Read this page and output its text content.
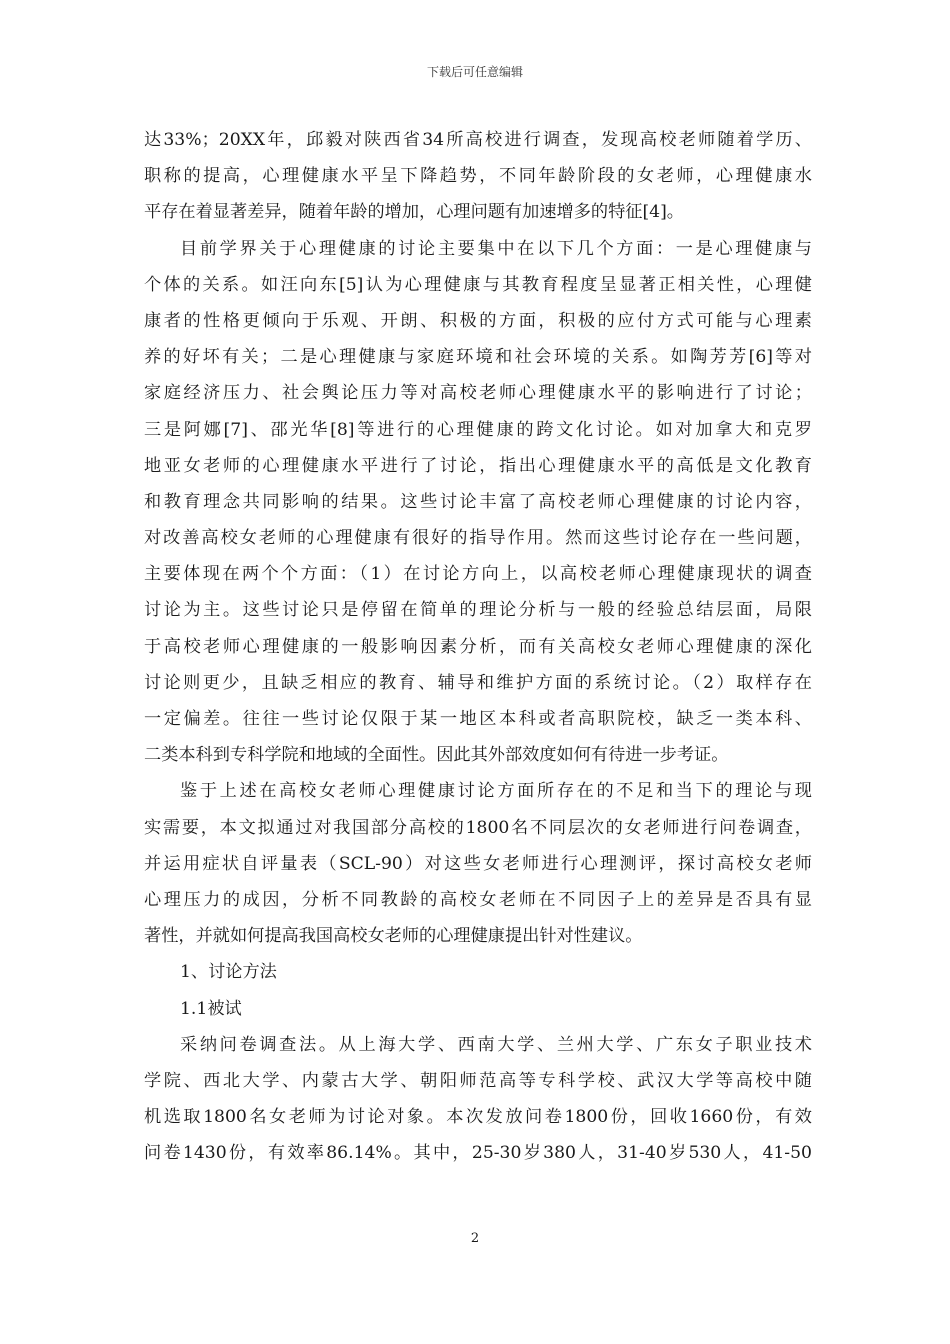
下载后可任意编辑
达33%；20XX年，邱毅对陕西省34所高校进行调查，发现高校老师随着学历、
职称的提高，心理健康水平呈下降趋势，不同年龄阶段的女老师，心理健康水
平存在着显著差异，随着年龄的增加，心理问题有加速增多的特征[4]。
目前学界关于心理健康的讨论主要集中在以下几个方面：一是心理健康与
个体的关系。如汪向东[5]认为心理健康与其教育程度呈显著正相关性，心理健
康者的性格更倾向于乐观、开朗、积极的方面，积极的应付方式可能与心理素
养的好坏有关；二是心理健康与家庭环境和社会环境的关系。如陶芳芳[6]等对
家庭经济压力、社会舆论压力等对高校老师心理健康水平的影响进行了讨论；
三是阿娜[7]、邵光华[8]等进行的心理健康的跨文化讨论。如对加拿大和克罗
地亚女老师的心理健康水平进行了讨论，指出心理健康水平的高低是文化教育
和教育理念共同影响的结果。这些讨论丰富了高校老师心理健康的讨论内容，
对改善高校女老师的心理健康有很好的指导作用。然而这些讨论存在一些问题，
主要体现在两个个方面：（1）在讨论方向上，以高校老师心理健康现状的调查
讨论为主。这些讨论只是停留在简单的理论分析与一般的经验总结层面，局限
于高校老师心理健康的一般影响因素分析，而有关高校女老师心理健康的深化
讨论则更少，且缺乏相应的教育、辅导和维护方面的系统讨论。（2）取样存在
一定偏差。往往一些讨论仅限于某一地区本科或者高职院校，缺乏一类本科、
二类本科到专科学院和地域的全面性。因此其外部效度如何有待进一步考证。
鉴于上述在高校女老师心理健康讨论方面所存在的不足和当下的理论与现
实需要，本文拟通过对我国部分高校的1800名不同层次的女老师进行问卷调查，
并运用症状自评量表（SCL-90）对这些女老师进行心理测评，探讨高校女老师
心理压力的成因，分析不同教龄的高校女老师在不同因子上的差异是否具有显
著性，并就如何提高我国高校女老师的心理健康提出针对性建议。
1、讨论方法
1.1被试
采纳问卷调查法。从上海大学、西南大学、兰州大学、广东女子职业技术
学院、西北大学、内蒙古大学、朝阳师范高等专科学校、武汉大学等高校中随
机选取1800名女老师为讨论对象。本次发放问卷1800份，回收1660份，有效
问卷1430份，有效率86.14%。其中，25-30岁380人，31-40岁530人，41-50
2
